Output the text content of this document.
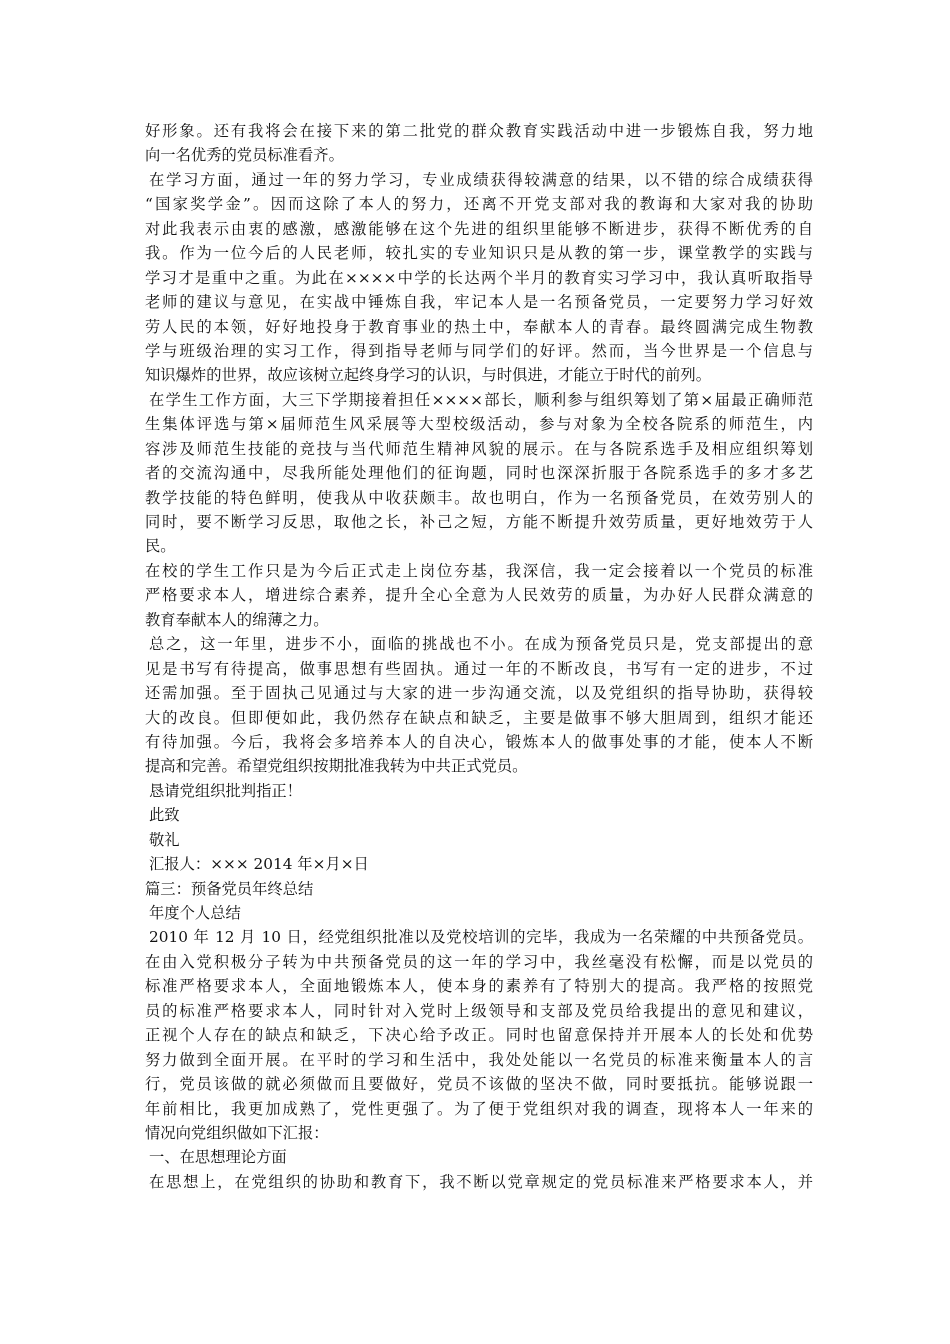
好形象。还有我将会在接下来的第二批党的群众教育实践活动中进一步锻炼自我，努力地
向一名优秀的党员标准看齐。
在学习方面，通过一年的努力学习，专业成绩获得较满意的结果，以不错的综合成绩获得
“国家奖学金”。因而这除了本人的努力，还离不开党支部对我的教诲和大家对我的协助
对此我表示由衷的感激，感激能够在这个先进的组织里能够不断进步，获得不断优秀的自
我。作为一位今后的人民老师，较扎实的专业知识只是从教的第一步，课堂教学的实践与
学习才是重中之重。为此在××××中学的长达两个半月的教育实习学习中，我认真听取指导
老师的建议与意见，在实战中锤炼自我，牢记本人是一名预备党员，一定要努力学习好效
劳人民的本领，好好地投身于教育事业的热土中，奉献本人的青春。最终圆满完成生物教
学与班级治理的实习工作，得到指导老师与同学们的好评。然而，当今世界是一个信息与
知识爆炸的世界，故应该树立起终身学习的认识，与时俱进，才能立于时代的前列。
在学生工作方面，大三下学期接着担任××××部长，顺利参与组织筹划了第×届最正确师范
生集体评选与第×届师范生风采展等大型校级活动，参与对象为全校各院系的师范生，内
容涉及师范生技能的竞技与当代师范生精神风貌的展示。在与各院系选手及相应组织筹划
者的交流沟通中，尽我所能处理他们的征询题，同时也深深折服于各院系选手的多才多艺
教学技能的特色鲜明，使我从中收获颇丰。故也明白，作为一名预备党员，在效劳别人的
同时，要不断学习反思，取他之长，补己之短，方能不断提升效劳质量，更好地效劳于人
民。
在校的学生工作只是为今后正式走上岗位夯基，我深信，我一定会接着以一个党员的标准
严格要求本人，增进综合素养，提升全心全意为人民效劳的质量，为办好人民群众满意的
教育奉献本人的绵薄之力。
总之，这一年里，进步不小，面临的挑战也不小。在成为预备党员只是，党支部提出的意
见是书写有待提高，做事思想有些固执。通过一年的不断改良，书写有一定的进步，不过
还需加强。至于固执己见通过与大家的进一步沟通交流，以及党组织的指导协助，获得较
大的改良。但即便如此，我仍然存在缺点和缺乏，主要是做事不够大胆周到，组织才能还
有待加强。今后，我将会多培养本人的自决心，锻炼本人的做事处事的才能，使本人不断
提高和完善。希望党组织按期批准我转为中共正式党员。
恳请党组织批判指正！
此致
敬礼
汇报人：××× 2014 年×月×日
篇三：预备党员年终总结
年度个人总结
2010 年 12 月 10 日，经党组织批准以及党校培训的完毕，我成为一名荣耀的中共预备党员。
在由入党积极分子转为中共预备党员的这一年的学习中，我丝毫没有松懈，而是以党员的
标准严格要求本人，全面地锻炼本人，使本身的素养有了特别大的提高。我严格的按照党
员的标准严格要求本人，同时针对入党时上级领导和支部及党员给我提出的意见和建议，
正视个人存在的缺点和缺乏，下决心给予改正。同时也留意保持并开展本人的长处和优势
努力做到全面开展。在平时的学习和生活中，我处处能以一名党员的标准来衡量本人的言
行，党员该做的就必须做而且要做好，党员不该做的坚决不做，同时要抵抗。能够说跟一
年前相比，我更加成熟了，党性更强了。为了便于党组织对我的调查，现将本人一年来的
情况向党组织做如下汇报：
一、在思想理论方面
在思想上，在党组织的协助和教育下，我不断以党章规定的党员标准来严格要求本人，并
